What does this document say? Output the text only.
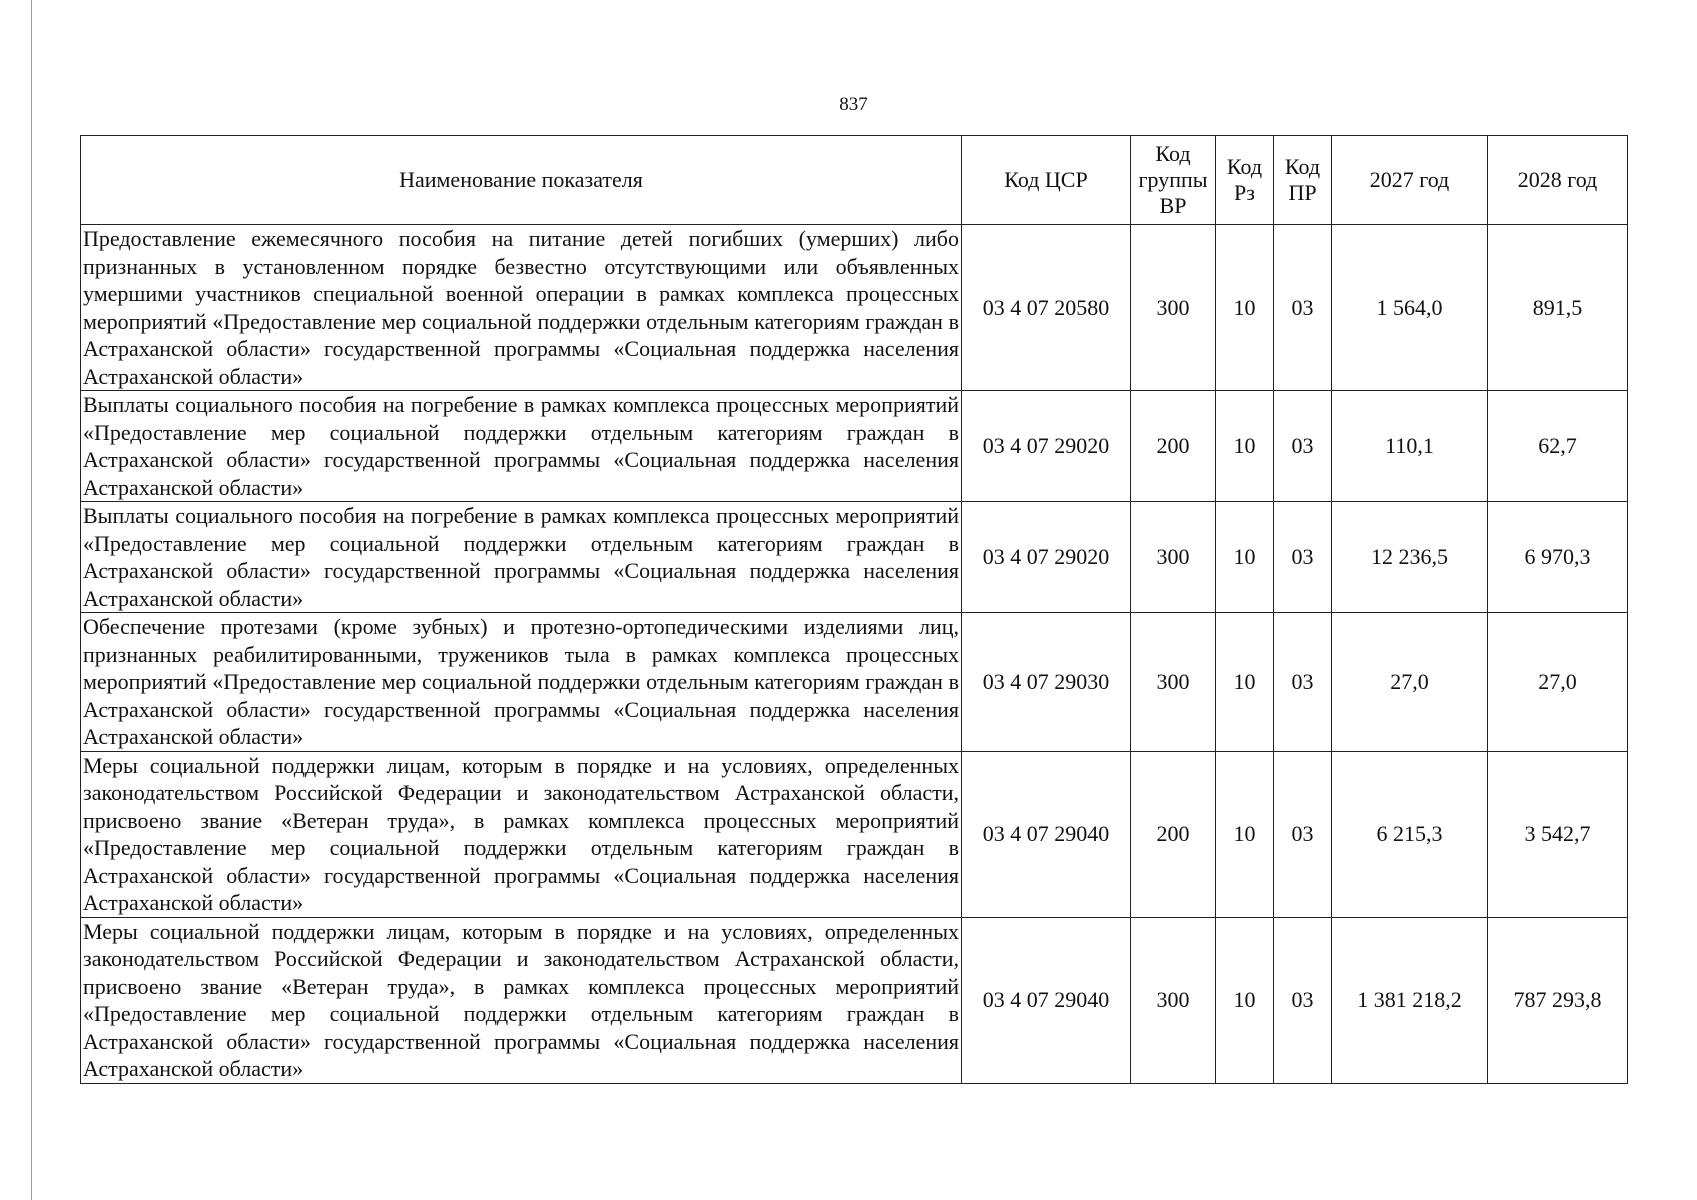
837
Наименование показателя	Код ЦСР	Код группы ВР	Код Рз	Код ПР	2027 год	2028 год
Предоставление ежемесячного пособия на питание детей погибших (умерших) либо признанных в установленном порядке безвестно отсутствующими или объявленных умершими участников специальной военной операции в рамках комплекса процессных мероприятий «Предоставление мер социальной поддержки отдельным категориям граждан в Астраханской области» государственной программы «Социальная поддержка населения Астраханской области»	03 4 07 20580	300	10	03	1 564,0	891,5
Выплаты социального пособия на погребение в рамках комплекса процессных мероприятий «Предоставление мер социальной поддержки отдельным категориям граждан в Астраханской области» государственной программы «Социальная поддержка населения Астраханской области»	03 4 07 29020	200	10	03	110,1	62,7
Выплаты социального пособия на погребение в рамках комплекса процессных мероприятий «Предоставление мер социальной поддержки отдельным категориям граждан в Астраханской области» государственной программы «Социальная поддержка населения Астраханской области»	03 4 07 29020	300	10	03	12 236,5	6 970,3
Обеспечение протезами (кроме зубных) и протезно-ортопедическими изделиями лиц, признанных реабилитированными, тружеников тыла в рамках комплекса процессных мероприятий «Предоставление мер социальной поддержки отдельным категориям граждан в Астраханской области» государственной программы «Социальная поддержка населения Астраханской области»	03 4 07 29030	300	10	03	27,0	27,0
Меры социальной поддержки лицам, которым в порядке и на условиях, определенных законодательством Российской Федерации и законодательством Астраханской области, присвоено звание «Ветеран труда», в рамках комплекса процессных мероприятий «Предоставление мер социальной поддержки отдельным категориям граждан в Астраханской области» государственной программы «Социальная поддержка населения Астраханской области»	03 4 07 29040	200	10	03	6 215,3	3 542,7
Меры социальной поддержки лицам, которым в порядке и на условиях, определенных законодательством Российской Федерации и законодательством Астраханской области, присвоено звание «Ветеран труда», в рамках комплекса процессных мероприятий «Предоставление мер социальной поддержки отдельным категориям граждан в Астраханской области» государственной программы «Социальная поддержка населения Астраханской области»	03 4 07 29040	300	10	03	1 381 218,2	787 293,8
